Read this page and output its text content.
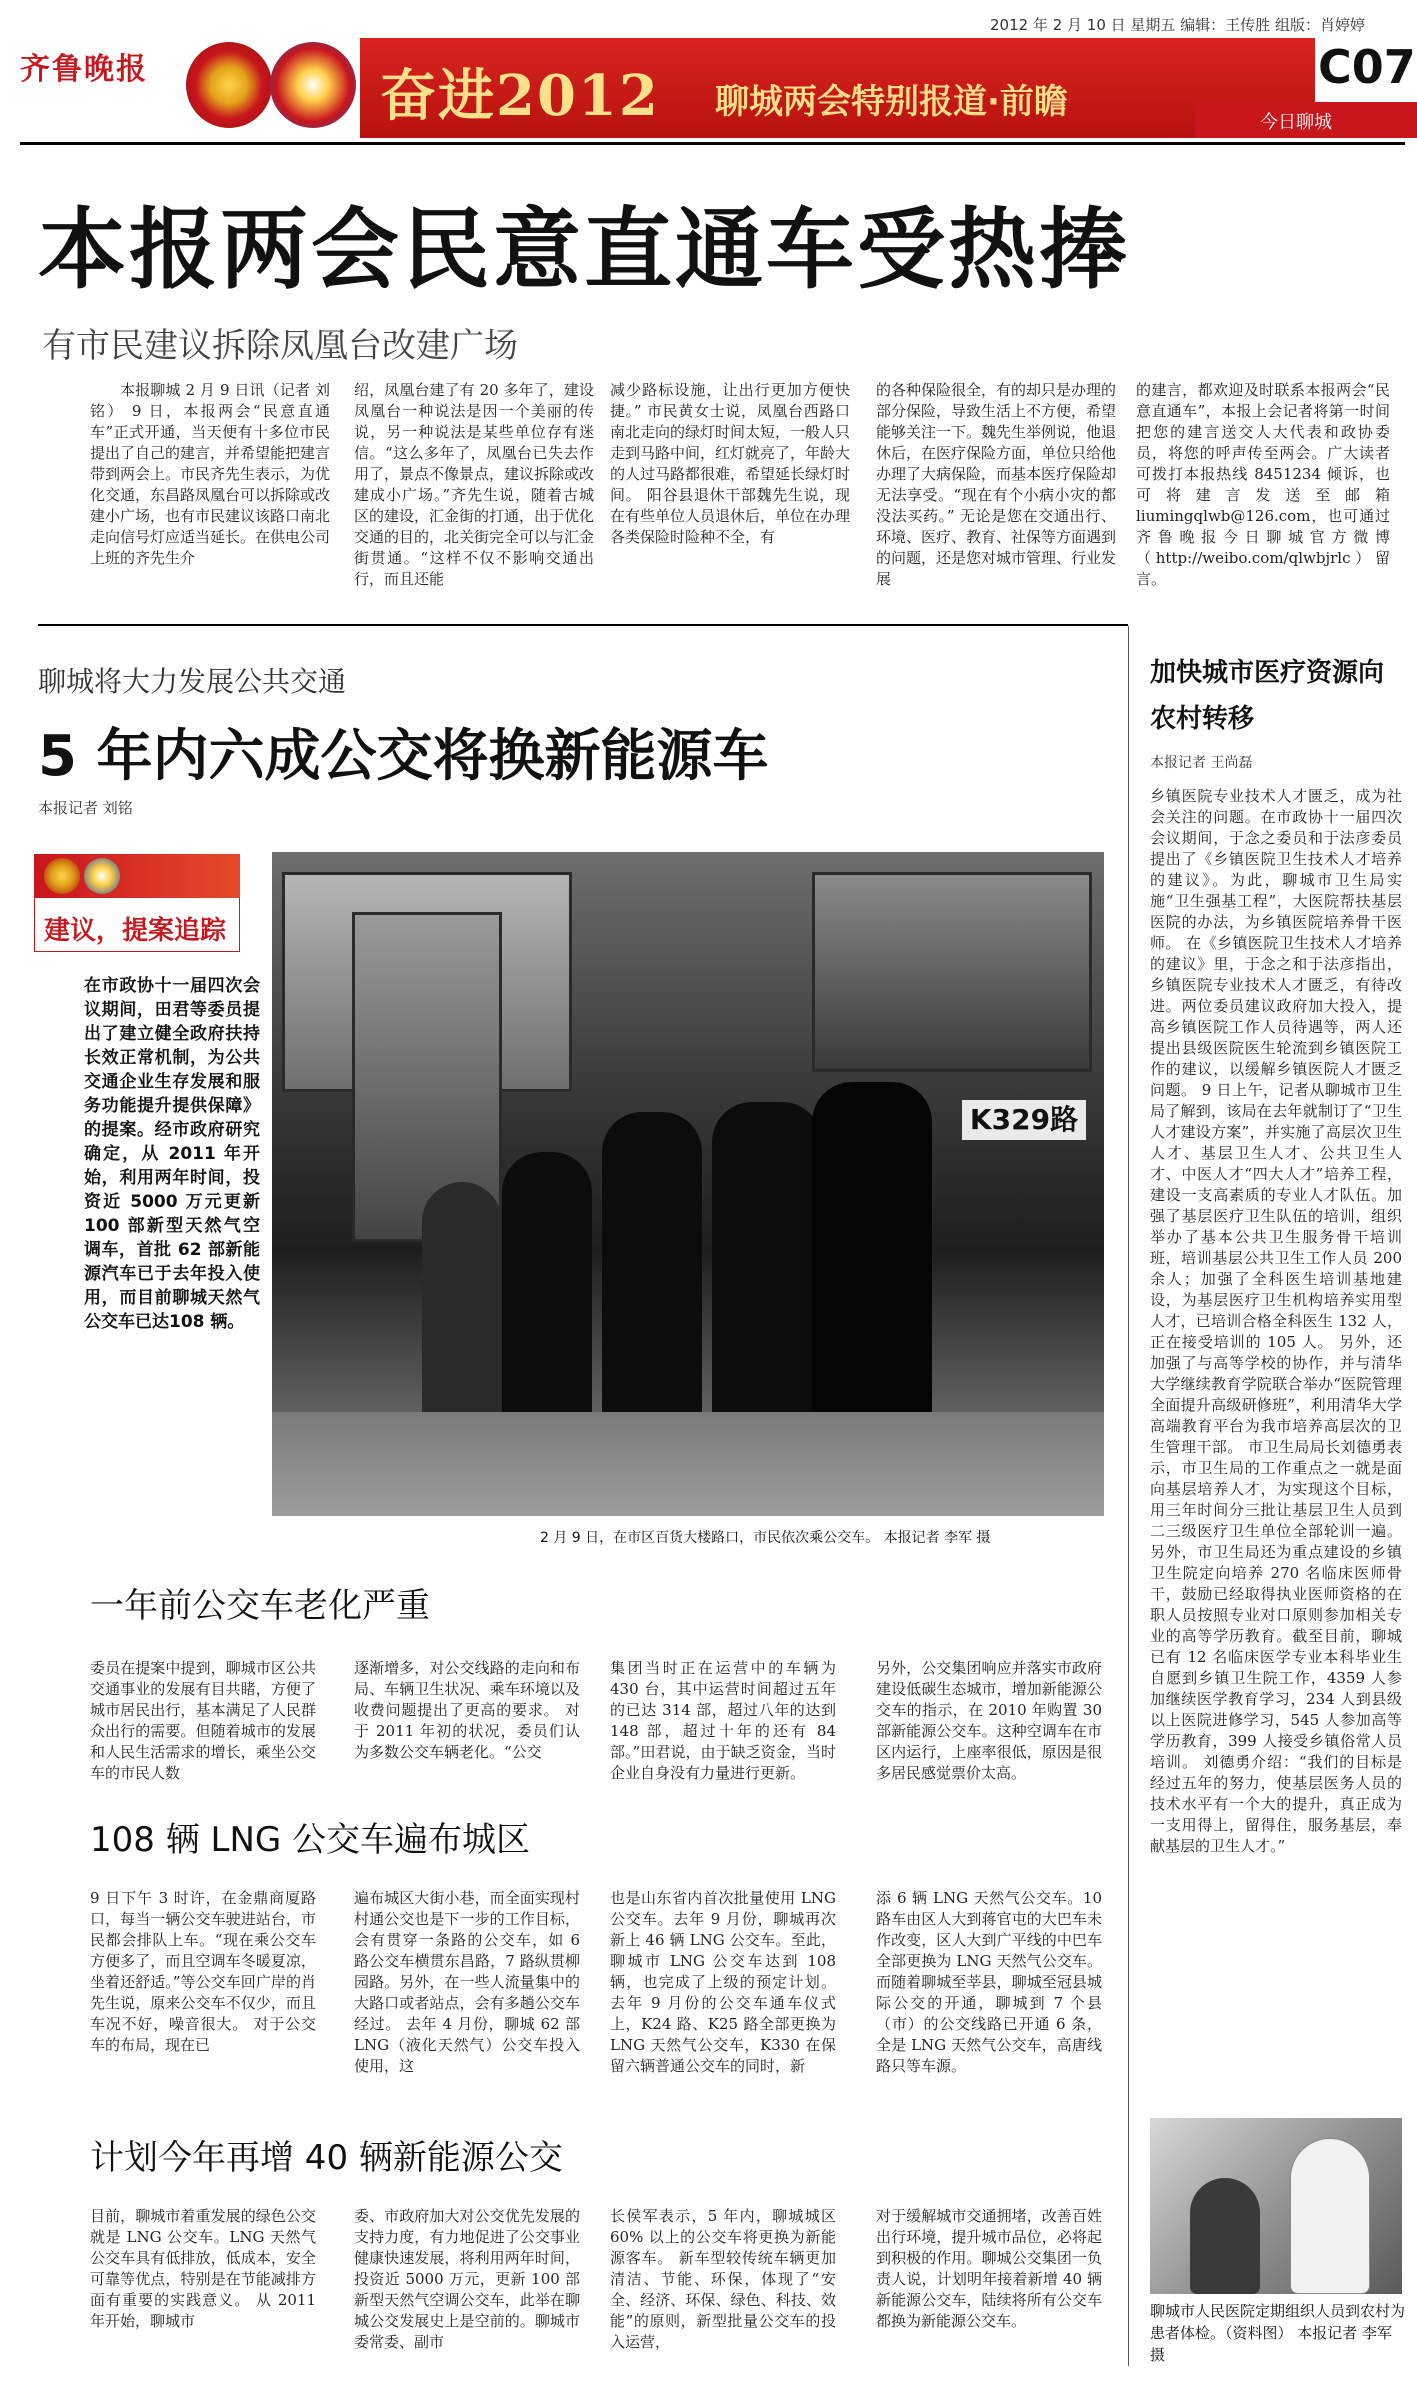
齐鲁晚报
2012 年 2 月 10 日 星期五 编辑：王传胜 组版：肖婷婷
奋进2012 聊城两会特别报道·前瞻
C07
今日聊城
本报两会民意直通车受热捧
有市民建议拆除凤凰台改建广场
本报聊城 2 月 9 日讯（记者 刘铭） 9 日，本报两会“民意直通车”正式开通，当天便有十多位市民提出了自己的建言，并希望能把建言带到两会上。市民齐先生表示，为优化交通，东昌路凤凰台可以拆除或改建小广场，也有市民建议该路口南北走向信号灯应适当延长。在供电公司上班的齐先生介
绍，凤凰台建了有 20 多年了，建设凤凰台一种说法是因一个美丽的传说，另一种说法是某些单位存有迷信。“这么多年了，凤凰台已失去作用了，景点不像景点，建议拆除或改建成小广场。”齐先生说，随着古城区的建设，汇金街的打通，出于优化交通的目的，北关街完全可以与汇金街贯通。“这样不仅不影响交通出行，而且还能
减少路标设施，让出行更加方便快捷。” 市民黄女士说，凤凰台西路口南北走向的绿灯时间太短，一般人只走到马路中间，红灯就亮了，年龄大的人过马路都很难，希望延长绿灯时间。 阳谷县退休干部魏先生说，现在有些单位人员退休后，单位在办理各类保险时险种不全，有
的各种保险很全，有的却只是办理的部分保险，导致生活上不方便，希望能够关注一下。魏先生举例说，他退休后，在医疗保险方面，单位只给他办理了大病保险，而基本医疗保险却无法享受。“现在有个小病小灾的都没法买药。” 无论是您在交通出行、环境、医疗、教育、社保等方面遇到的问题，还是您对城市管理、行业发展
的建言，都欢迎及时联系本报两会“民意直通车”，本报上会记者将第一时间把您的建言送交人大代表和政协委员，将您的呼声传至两会。广大读者可拨打本报热线 8451234 倾诉，也可将建言发送至邮箱 liumingqlwb@126.com，也可通过齐鲁晚报今日聊城官方微博（http://weibo.com/qlwbjrlc）留言。
聊城将大力发展公共交通
5 年内六成公交将换新能源车
本报记者 刘铭
建议，提案追踪
在市政协十一届四次会议期间，田君等委员提出了建立健全政府扶持长效正常机制，为公共交通企业生存发展和服务功能提升提供保障》的提案。经市政府研究确定，从 2011 年开始，利用两年时间，投资近 5000 万元更新 100 部新型天然气空调车，首批 62 部新能源汽车已于去年投入使用，而目前聊城天然气公交车已达108 辆。
K329路
2 月 9 日，在市区百货大楼路口，市民依次乘公交车。 本报记者 李军 摄
一年前公交车老化严重
委员在提案中提到，聊城市区公共交通事业的发展有目共睹，方便了城市居民出行，基本满足了人民群众出行的需要。但随着城市的发展和人民生活需求的增长，乘坐公交车的市民人数
逐渐增多，对公交线路的走向和布局、车辆卫生状况、乘车环境以及收费问题提出了更高的要求。 对于 2011 年初的状况，委员们认为多数公交车辆老化。“公交
集团当时正在运营中的车辆为 430 台，其中运营时间超过五年的已达 314 部，超过八年的达到 148 部，超过十年的还有 84 部。”田君说，由于缺乏资金，当时企业自身没有力量进行更新。
另外，公交集团响应并落实市政府建设低碳生态城市，增加新能源公交车的指示，在 2010 年购置 30 部新能源公交车。这种空调车在市区内运行，上座率很低，原因是很多居民感觉票价太高。
108 辆 LNG 公交车遍布城区
9 日下午 3 时许，在金鼎商厦路口，每当一辆公交车驶进站台，市民都会排队上车。“现在乘公交车方便多了，而且空调车冬暖夏凉，坐着还舒适。”等公交车回广岸的肖先生说，原来公交车不仅少，而且车况不好，噪音很大。 对于公交车的布局，现在已
遍布城区大街小巷，而全面实现村村通公交也是下一步的工作目标，会有贯穿一条路的公交车，如 6 路公交车横贯东昌路，7 路纵贯柳园路。另外，在一些人流量集中的大路口或者站点，会有多趟公交车经过。 去年 4 月份，聊城 62 部 LNG（液化天然气）公交车投入使用，这
也是山东省内首次批量使用 LNG 公交车。去年 9 月份，聊城再次新上 46 辆 LNG 公交车。至此，聊城市 LNG 公交车达到 108 辆，也完成了上级的预定计划。 去年 9 月份的公交车通车仪式上，K24 路、K25 路全部更换为 LNG 天然气公交车，K330 在保留六辆普通公交车的同时，新
添 6 辆 LNG 天然气公交车。10 路车由区人大到蒋官屯的大巴车未作改变，区人大到广平线的中巴车全部更换为 LNG 天然气公交车。而随着聊城至莘县，聊城至冠县城际公交的开通，聊城到 7 个县（市）的公交线路已开通 6 条，全是 LNG 天然气公交车，高唐线路只等车源。
计划今年再增 40 辆新能源公交
目前，聊城市着重发展的绿色公交就是 LNG 公交车。LNG 天然气公交车具有低排放，低成本，安全可靠等优点，特别是在节能减排方面有重要的实践意义。 从 2011 年开始，聊城市
委、市政府加大对公交优先发展的支持力度，有力地促进了公交事业健康快速发展，将利用两年时间，投资近 5000 万元，更新 100 部新型天然气空调公交车，此举在聊城公交发展史上是空前的。聊城市委常委、副市
长侯军表示，5 年内，聊城城区 60% 以上的公交车将更换为新能源客车。 新车型较传统车辆更加清洁、节能、环保，体现了“安全、经济、环保、绿色、科技、效能”的原则，新型批量公交车的投入运营，
对于缓解城市交通拥堵，改善百姓出行环境，提升城市品位，必将起到积极的作用。聊城公交集团一负责人说，计划明年接着新增 40 辆新能源公交车，陆续将所有公交车都换为新能源公交车。
加快城市医疗资源向农村转移
本报记者 王尚磊
乡镇医院专业技术人才匮乏，成为社会关注的问题。在市政协十一届四次会议期间，于念之委员和于法彦委员提出了《乡镇医院卫生技术人才培养的建议》。为此，聊城市卫生局实施“卫生强基工程”，大医院帮扶基层医院的办法，为乡镇医院培养骨干医师。 在《乡镇医院卫生技术人才培养的建议》里，于念之和于法彦指出，乡镇医院专业技术人才匮乏，有待改进。两位委员建议政府加大投入，提高乡镇医院工作人员待遇等，两人还提出县级医院医生轮流到乡镇医院工作的建议，以缓解乡镇医院人才匮乏问题。 9 日上午，记者从聊城市卫生局了解到，该局在去年就制订了“卫生人才建设方案”，并实施了高层次卫生人才、基层卫生人才、公共卫生人才、中医人才“四大人才”培养工程，建设一支高素质的专业人才队伍。加强了基层医疗卫生队伍的培训，组织举办了基本公共卫生服务骨干培训班，培训基层公共卫生工作人员 200 余人；加强了全科医生培训基地建设，为基层医疗卫生机构培养实用型人才，已培训合格全科医生 132 人，正在接受培训的 105 人。 另外，还加强了与高等学校的协作，并与清华大学继续教育学院联合举办“医院管理全面提升高级研修班”，利用清华大学高端教育平台为我市培养高层次的卫生管理干部。 市卫生局局长刘德勇表示，市卫生局的工作重点之一就是面向基层培养人才，为实现这个目标，用三年时间分三批让基层卫生人员到二三级医疗卫生单位全部轮训一遍。 另外，市卫生局还为重点建设的乡镇卫生院定向培养 270 名临床医师骨干，鼓励已经取得执业医师资格的在职人员按照专业对口原则参加相关专业的高等学历教育。截至目前，聊城已有 12 名临床医学专业本科毕业生自愿到乡镇卫生院工作，4359 人参加继续医学教育学习，234 人到县级以上医院进修学习，545 人参加高等学历教育，399 人接受乡镇俗常人员培训。 刘德勇介绍：“我们的目标是经过五年的努力，使基层医务人员的技术水平有一个大的提升，真正成为一支用得上，留得住，服务基层，奉献基层的卫生人才。”
聊城市人民医院定期组织人员到农村为患者体检。（资料图） 本报记者 李军 摄
